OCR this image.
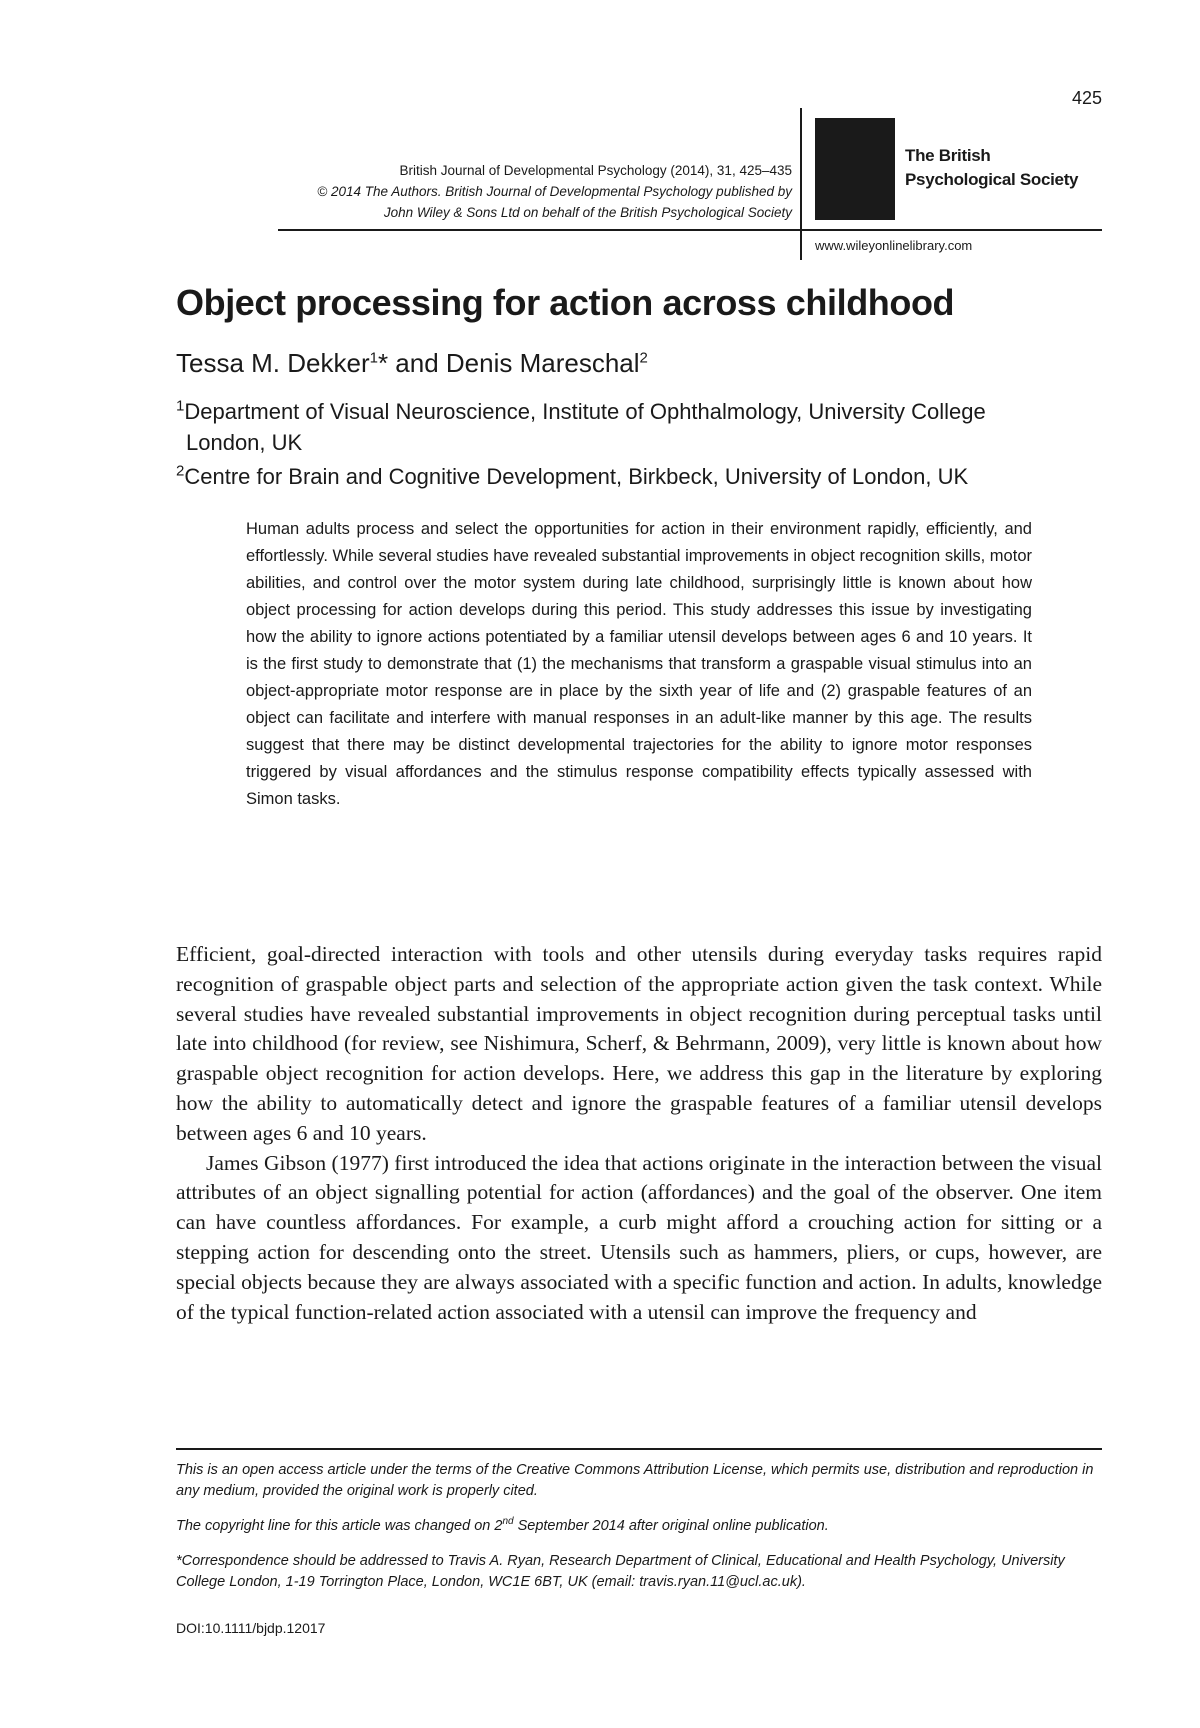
425
British Journal of Developmental Psychology (2014), 31, 425–435
© 2014 The Authors. British Journal of Developmental Psychology published by
John Wiley & Sons Ltd on behalf of the British Psychological Society
The British
Psychological Society
www.wileyonlinelibrary.com
Object processing for action across childhood
Tessa M. Dekker$^1$* and Denis Mareschal$^2$
$^1$Department of Visual Neuroscience, Institute of Ophthalmology, University College
London, UK
$^2$Centre for Brain and Cognitive Development, Birkbeck, University of London, UK
Human adults process and select the opportunities for action in their environment rapidly, efficiently, and effortlessly. While several studies have revealed substantial improvements in object recognition skills, motor abilities, and control over the motor system during late childhood, surprisingly little is known about how object processing for action develops during this period. This study addresses this issue by investigating how the ability to ignore actions potentiated by a familiar utensil develops between ages 6 and 10 years. It is the first study to demonstrate that (1) the mechanisms that transform a graspable visual stimulus into an object-appropriate motor response are in place by the sixth year of life and (2) graspable features of an object can facilitate and interfere with manual responses in an adult-like manner by this age. The results suggest that there may be distinct developmental trajectories for the ability to ignore motor responses triggered by visual affordances and the stimulus response compatibility effects typically assessed with Simon tasks.

Efficient, goal-directed interaction with tools and other utensils during everyday tasks requires rapid recognition of graspable object parts and selection of the appropriate action given the task context. While several studies have revealed substantial improvements in object recognition during perceptual tasks until late into childhood (for review, see Nishimura, Scherf, & Behrmann, 2009), very little is known about how graspable object recognition for action develops. Here, we address this gap in the literature by exploring how the ability to automatically detect and ignore the graspable features of a familiar utensil develops between ages 6 and 10 years.

James Gibson (1977) first introduced the idea that actions originate in the interaction between the visual attributes of an object signalling potential for action (affordances) and the goal of the observer. One item can have countless affordances. For example, a curb might afford a crouching action for sitting or a stepping action for descending onto the street. Utensils such as hammers, pliers, or cups, however, are special objects because they are always associated with a specific function and action. In adults, knowledge of the typical function-related action associated with a utensil can improve the frequency and

This is an open access article under the terms of the Creative Commons Attribution License, which permits use, distribution and reproduction in any medium, provided the original work is properly cited.

The copyright line for this article was changed on 2nd September 2014 after original online publication.

*Correspondence should be addressed to Travis A. Ryan, Research Department of Clinical, Educational and Health Psychology, University College London, 1-19 Torrington Place, London, WC1E 6BT, UK (email: travis.ryan.11@ucl.ac.uk).

DOI:10.1111/bjdp.12017
